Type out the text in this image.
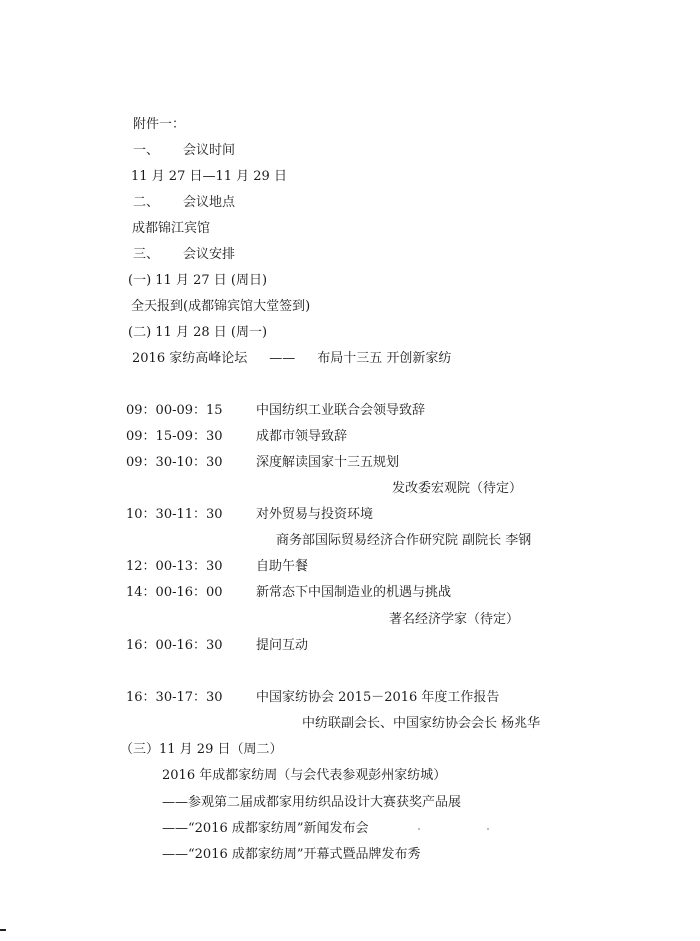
附件一：
一、 会议时间
11 月 27 日—11 月 29 日
二、 会议地点
成都锦江宾馆
三、 会议安排
(一) 11 月 27 日 (周日)
全天报到(成都锦宾馆大堂签到)
(二) 11 月 28 日 (周一)
2016 家纺高峰论坛 —— 布局十三五 开创新家纺
09：00-09：15	中国纺织工业联合会领导致辞
09：15-09：30	成都市领导致辞
09：30-10：30	深度解读国家十三五规划
发改委宏观院（待定）
10：30-11：30	对外贸易与投资环境
商务部国际贸易经济合作研究院 副院长 李钢
12：00-13：30	自助午餐
14：00-16：00	新常态下中国制造业的机遇与挑战
著名经济学家（待定）
16：00-16：30	提问互动
16：30-17：30	中国家纺协会 2015－2016 年度工作报告
中纺联副会长、中国家纺协会会长 杨兆华
（三）11 月 29 日（周二）
2016 年成都家纺周（与会代表参观彭州家纺城）
——参观第二届成都家用纺织品设计大赛获奖产品展
——“2016 成都家纺周”新闻发布会
——“2016 成都家纺周”开幕式暨品牌发布秀
